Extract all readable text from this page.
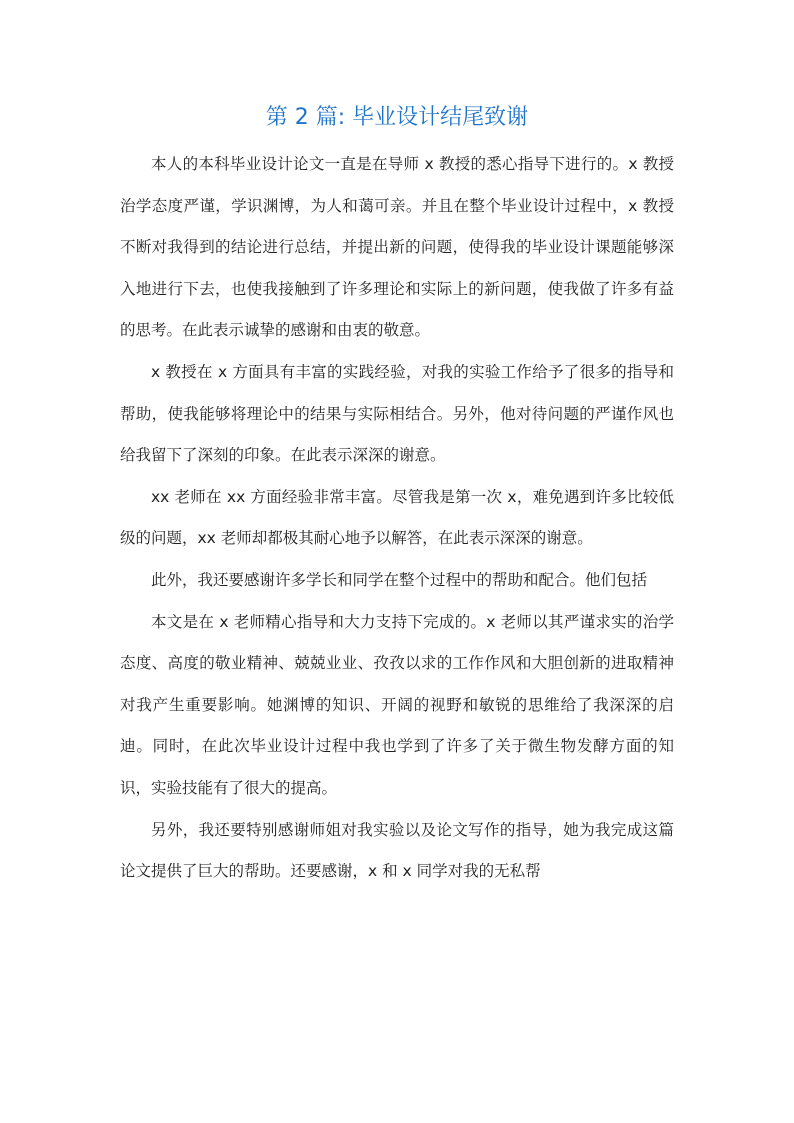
第 2 篇: 毕业设计结尾致谢

本人的本科毕业设计论文一直是在导师 x 教授的悉心指导下进行的。x 教授治学态度严谨，学识渊博，为人和蔼可亲。并且在整个毕业设计过程中，x 教授不断对我得到的结论进行总结，并提出新的问题，使得我的毕业设计课题能够深入地进行下去，也使我接触到了许多理论和实际上的新问题，使我做了许多有益的思考。在此表示诚挚的感谢和由衷的敬意。

x 教授在 x 方面具有丰富的实践经验，对我的实验工作给予了很多的指导和帮助，使我能够将理论中的结果与实际相结合。另外，他对待问题的严谨作风也给我留下了深刻的印象。在此表示深深的谢意。

xx 老师在 xx 方面经验非常丰富。尽管我是第一次 x，难免遇到许多比较低级的问题，xx 老师却都极其耐心地予以解答，在此表示深深的谢意。

此外，我还要感谢许多学长和同学在整个过程中的帮助和配合。他们包括

本文是在 x 老师精心指导和大力支持下完成的。x 老师以其严谨求实的治学态度、高度的敬业精神、兢兢业业、孜孜以求的工作作风和大胆创新的进取精神对我产生重要影响。她渊博的知识、开阔的视野和敏锐的思维给了我深深的启迪。同时，在此次毕业设计过程中我也学到了许多了关于微生物发酵方面的知识，实验技能有了很大的提高。

另外，我还要特别感谢师姐对我实验以及论文写作的指导，她为我完成这篇论文提供了巨大的帮助。还要感谢，x 和 x 同学对我的无私帮
